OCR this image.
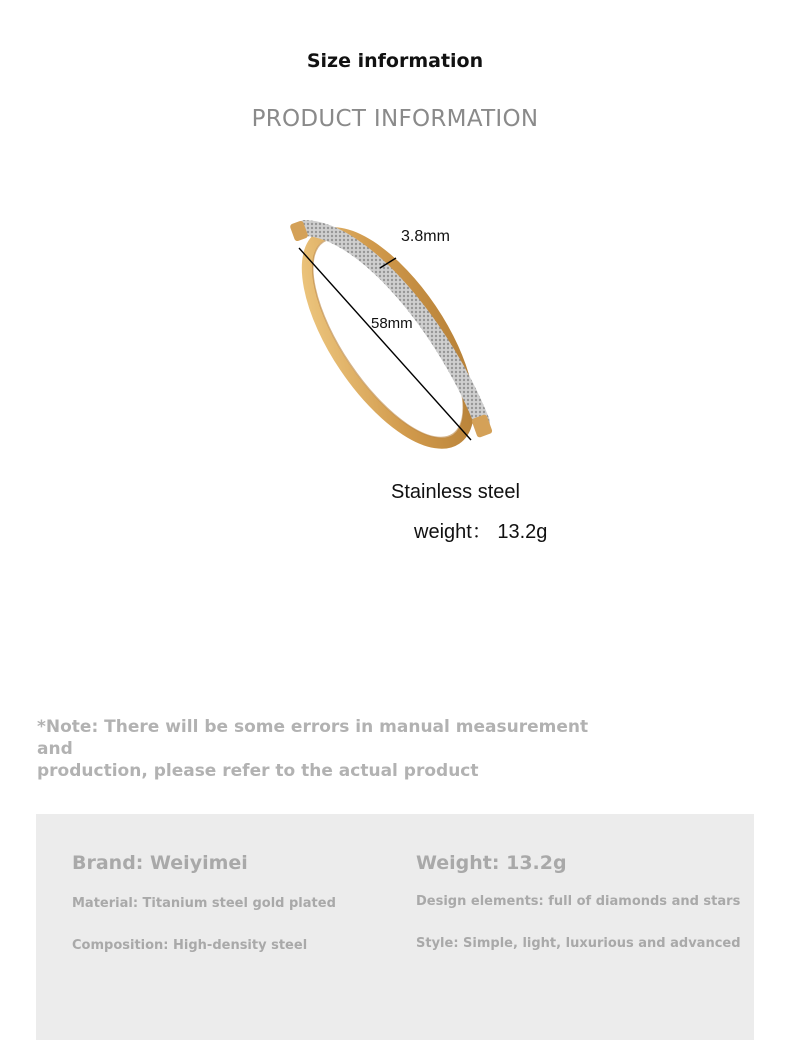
Size information
PRODUCT INFORMATION
3.8mm
58mm
Stainless steel
weight： 13.2g
*Note: There will be some errors in manual measurement and
production, please refer to the actual product
Brand: Weiyimei	Weight: 13.2g
Material: Titanium steel gold plated	Design elements: full of diamonds and stars
Composition: High-density steel	Style: Simple, light, luxurious and advanced
